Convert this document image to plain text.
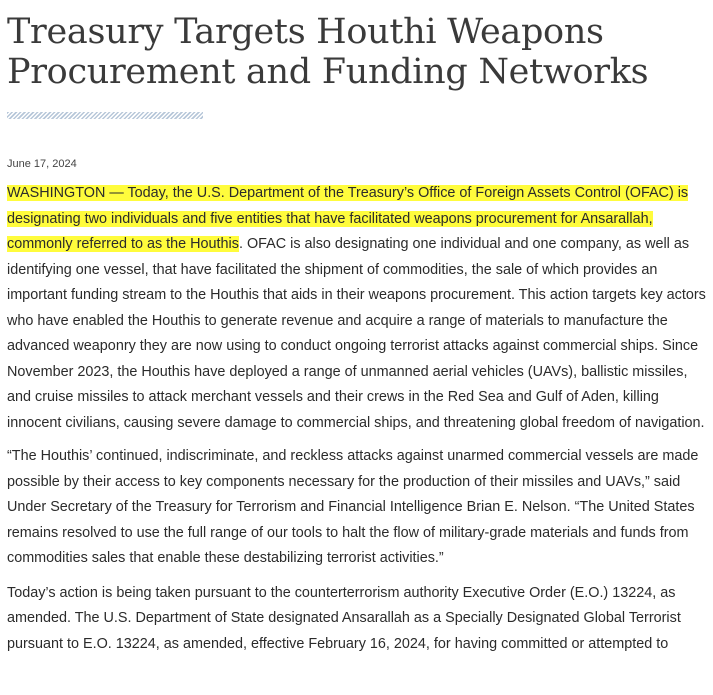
Treasury Targets Houthi Weapons Procurement and Funding Networks
June 17, 2024

WASHINGTON — Today, the U.S. Department of the Treasury’s Office of Foreign Assets Control (OFAC) is designating two individuals and five entities that have facilitated weapons procurement for Ansarallah, commonly referred to as the Houthis. OFAC is also designating one individual and one company, as well as identifying one vessel, that have facilitated the shipment of commodities, the sale of which provides an important funding stream to the Houthis that aids in their weapons procurement. This action targets key actors who have enabled the Houthis to generate revenue and acquire a range of materials to manufacture the advanced weaponry they are now using to conduct ongoing terrorist attacks against commercial ships. Since November 2023, the Houthis have deployed a range of unmanned aerial vehicles (UAVs), ballistic missiles, and cruise missiles to attack merchant vessels and their crews in the Red Sea and Gulf of Aden, killing innocent civilians, causing severe damage to commercial ships, and threatening global freedom of navigation.

“The Houthis’ continued, indiscriminate, and reckless attacks against unarmed commercial vessels are made possible by their access to key components necessary for the production of their missiles and UAVs,” said Under Secretary of the Treasury for Terrorism and Financial Intelligence Brian E. Nelson. “The United States remains resolved to use the full range of our tools to halt the flow of military-grade materials and funds from commodities sales that enable these destabilizing terrorist activities.”

Today’s action is being taken pursuant to the counterterrorism authority Executive Order (E.O.) 13224, as amended. The U.S. Department of State designated Ansarallah as a Specially Designated Global Terrorist pursuant to E.O. 13224, as amended, effective February 16, 2024, for having committed or attempted to
